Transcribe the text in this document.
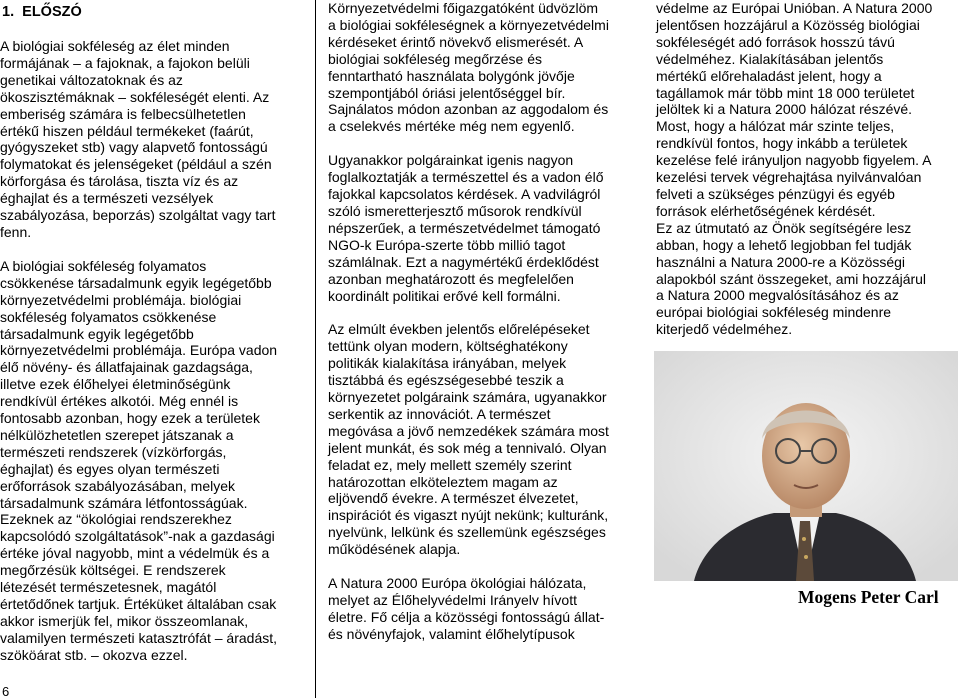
1.  ELŐSZÓ
A biológiai sokféleség az élet minden
formájának – a fajoknak, a fajokon belüli
genetikai változatoknak és az
ökoszisztémáknak – sokféleségét elenti. Az
emberiség számára is felbecsülhetetlen
értékű hiszen például termékeket (faárút,
gyógyszeket stb) vagy alapvető fontosságú
folymatokat és jelenségeket (például a szén
körforgása és tárolása, tiszta víz és az
éghajlat és a természeti vezsélyek
szabályozása, beporzás) szolgáltat vagy tart
fenn.
A biológiai sokféleség folyamatos
csökkenése társadalmunk egyik legégetőbb
környezetvédelmi problémája. biológiai
sokféleség folyamatos csökkenése
társadalmunk egyik legégetőbb
környezetvédelmi problémája. Európa vadon
élő növény- és állatfajainak gazdagsága,
illetve ezek élőhelyei életminőségünk
rendkívül értékes alkotói. Még ennél is
fontosabb azonban, hogy ezek a területek
nélkülözhetetlen szerepet játszanak a
természeti rendszerek (vízkörforgás,
éghajlat) és egyes olyan természeti
erőforrások szabályozásában, melyek
társadalmunk számára létfontosságúak.
Ezeknek az “ökológiai rendszerekhez
kapcsolódó szolgáltatások”-nak a gazdasági
értéke jóval nagyobb, mint a védelmük és a
megőrzésük költségei. E rendszerek
létezését természetesnek, magától
értetődőnek tartjuk. Értéküket általában csak
akkor ismerjük fel, mikor összeomlanak,
valamilyen természeti katasztrófát – áradást,
szököárat stb. – okozva ezzel.
Környezetvédelmi főigazgatóként üdvözlöm
a biológiai sokféleségnek a környezetvédelmi
kérdéseket érintő növekvő elismerését. A
biológiai sokféleség megőrzése és
fenntartható használata bolygónk jövője
szempontjából óriási jelentőséggel bír.
Sajnálatos módon azonban az aggodalom és
a cselekvés mértéke még nem egyenlő.
Ugyanakkor polgárainkat igenis nagyon
foglalkoztatják a természettel és a vadon élő
fajokkal kapcsolatos kérdések. A vadvilágról
szóló ismeretterjesztő műsorok rendkívül
népszerűek, a természetvédelmet támogató
NGO-k Európa-szerte több millió tagot
számlálnak. Ezt a nagymértékű érdeklődést
azonban meghatározott és megfelelően
koordinált politikai erővé kell formálni.
Az elmúlt években jelentős előrelépéseket
tettünk olyan modern, költséghatékony
politikák kialakítása irányában, melyek
tisztábbá és egészségesebbé teszik a
környezetet polgáraink számára, ugyanakkor
serkentik az innovációt. A természet
megóvása a jövő nemzedékek számára most
jelent munkát, és sok még a tennivaló. Olyan
feladat ez, mely mellett személy szerint
határozottan elköteleztem magam az
eljövendő évekre. A természet élvezetet,
inspirációt és vigaszt nyújt nekünk; kulturánk,
nyelvünk, lelkünk és szellemünk egészséges
működésének alapja.
A Natura 2000 Európa ökológiai hálózata,
melyet az Élőhelyvédelmi Irányelv hívott
életre. Fő célja a közösségi fontosságú állat-
és növényfajok, valamint élőhelytípusok
védelme az Európai Unióban. A Natura 2000
jelentősen hozzájárul a Közösség biológiai
sokféleségét adó források hosszú távú
védelméhez. Kialakításában jelentős
mértékű előrehaladást jelent, hogy a
tagállamok már több mint 18 000 területet
jelöltek ki a Natura 2000 hálózat részévé.
Most, hogy a hálózat már szinte teljes,
rendkívül fontos, hogy inkább a területek
kezelése felé irányuljon nagyobb figyelem. A
kezelési tervek végrehajtása nyilvánvalóan
felveti a szükséges pénzügyi és egyéb
források elérhetőségének kérdését.
Ez az útmutató az Önök segítségére lesz
abban, hogy a lehető legjobban fel tudják
használni a Natura 2000-re a Közösségi
alapokból szánt összegeket, ami hozzájárul
a Natura 2000 megvalósításához és az
európai biológiai sokféleség mindenre
kiterjedő védelméhez.
Mogens Peter Carl
6
